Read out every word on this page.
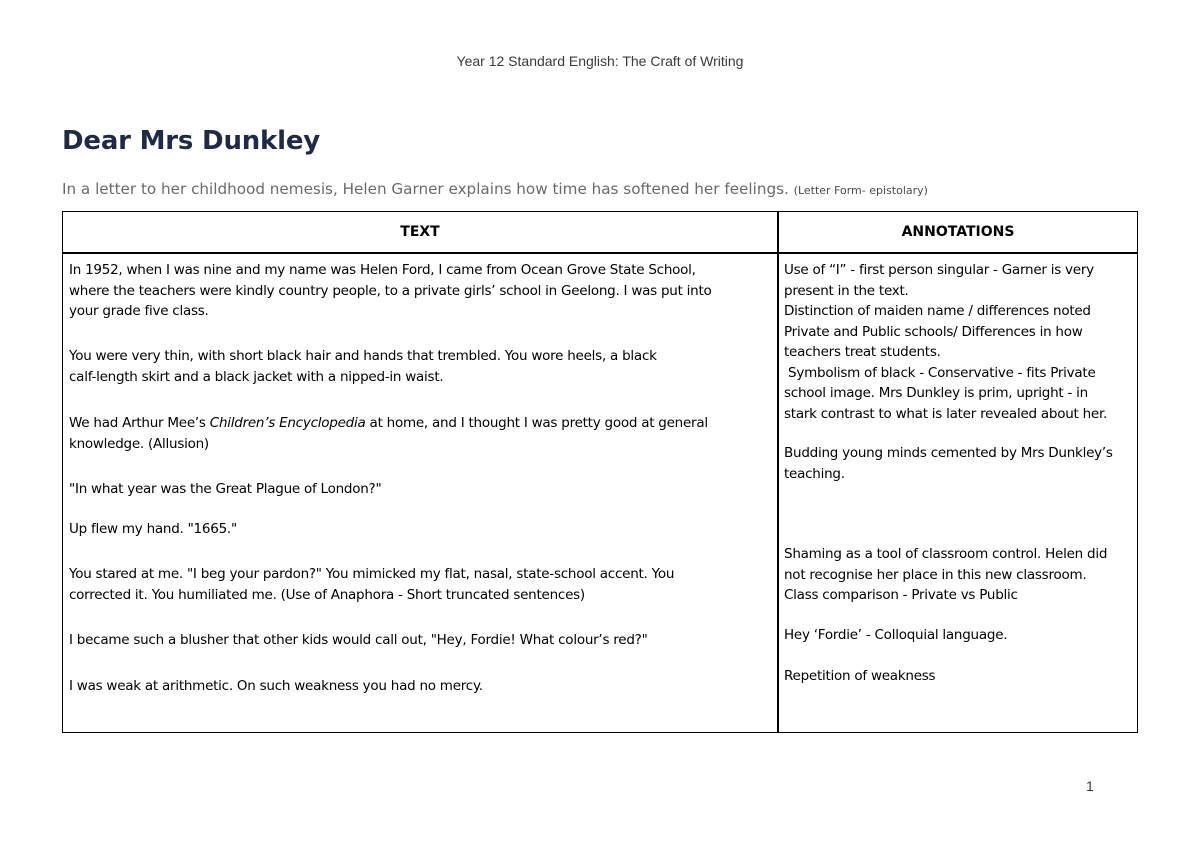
Year 12 Standard English: The Craft of Writing
Dear Mrs Dunkley
In a letter to her childhood nemesis, Helen Garner explains how time has softened her feelings. (Letter Form- epistolary)
TEXT	ANNOTATIONS

In 1952, when I was nine and my name was Helen Ford, I came from Ocean Grove State School,

where the teachers were kindly country people, to a private girls’ school in Geelong. I was put into

your grade five class.

You were very thin, with short black hair and hands that trembled. You wore heels, a black

calf-length skirt and a black jacket with a nipped-in waist.

We had Arthur Mee’s Children’s Encyclopedia at home, and I thought I was pretty good at general

knowledge. (Allusion)

"In what year was the Great Plague of London?"

Up flew my hand. "1665."

You stared at me. "I beg your pardon?" You mimicked my flat, nasal, state-school accent. You

corrected it. You humiliated me. (Use of Anaphora - Short truncated sentences)

I became such a blusher that other kids would call out, "Hey, Fordie! What colour’s red?"

I was weak at arithmetic. On such weakness you had no mercy.

Use of “I” - first person singular - Garner is very

present in the text.

Distinction of maiden name / differences noted

Private and Public schools/ Differences in how

teachers treat students.

Symbolism of black - Conservative - fits Private

school image. Mrs Dunkley is prim, upright - in

stark contrast to what is later revealed about her.

Budding young minds cemented by Mrs Dunkley’s

teaching.

Shaming as a tool of classroom control. Helen did

not recognise her place in this new classroom.

Class comparison - Private vs Public

Hey ‘Fordie’ - Colloquial language.

Repetition of weakness

1
